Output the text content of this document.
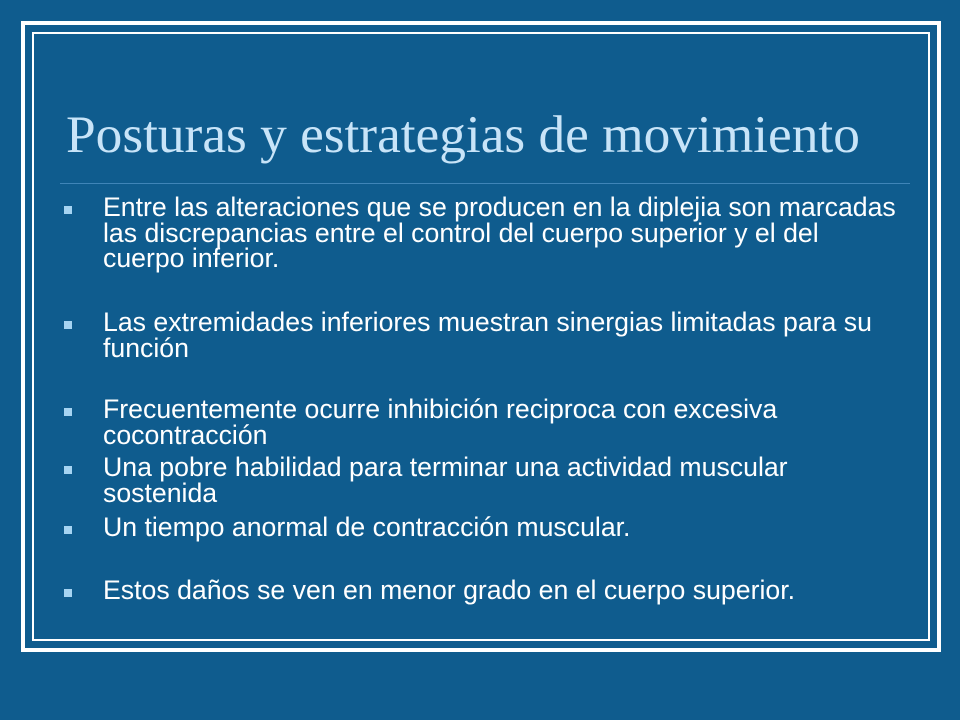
Posturas y estrategias de movimiento
Entre las alteraciones que se producen en la diplejia son marcadas las discrepancias entre el control del cuerpo superior y el del cuerpo inferior.
Las extremidades inferiores muestran sinergias limitadas para su función
Frecuentemente ocurre inhibición reciproca con excesiva cocontracción
Una pobre habilidad para terminar una actividad muscular sostenida
Un tiempo anormal de contracción muscular.
Estos daños se ven en menor grado en el cuerpo superior.
